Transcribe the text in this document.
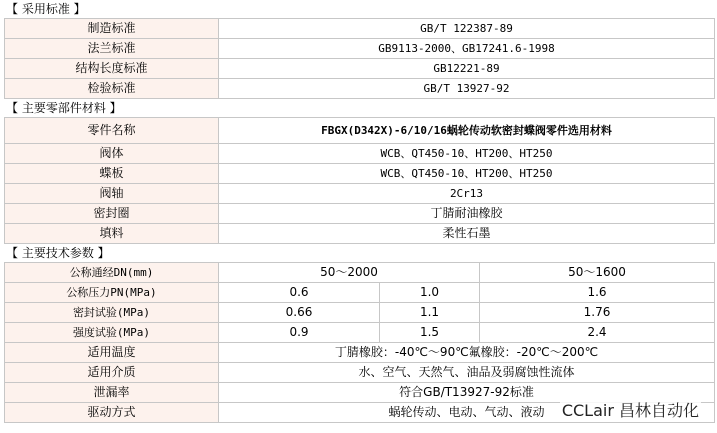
【 采用标准 】
制造标准	GB/T 122387-89
法兰标准	GB9113-2000、GB17241.6-1998
结构长度标准	GB12221-89
检验标准	GB/T 13927-92
【 主要零部件材料 】
零件名称	FBGX(D342X)-6/10/16蜗轮传动软密封蝶阀零件选用材料
阀体	WCB、QT450-10、HT200、HT250
蝶板	WCB、QT450-10、HT200、HT250
阀轴	2Cr13
密封圈	丁腈耐油橡胶
填料	柔性石墨
【 主要技术参数 】
公称通经DN(mm)	50～2000		50～1600
公称压力PN(MPa)	0.6	1.0	1.6
密封试验(MPa)	0.66	1.1	1.76
强度试验(MPa)	0.9	1.5	2.4
适用温度	丁腈橡胶：-40℃～90℃氟橡胶：-20℃～200℃		
适用介质	水、空气、天然气、油品及弱腐蚀性流体		
泄漏率	符合GB/T13927-92标准		
驱动方式	蜗轮传动、电动、气动、液动		CCLair 昌林自动化
